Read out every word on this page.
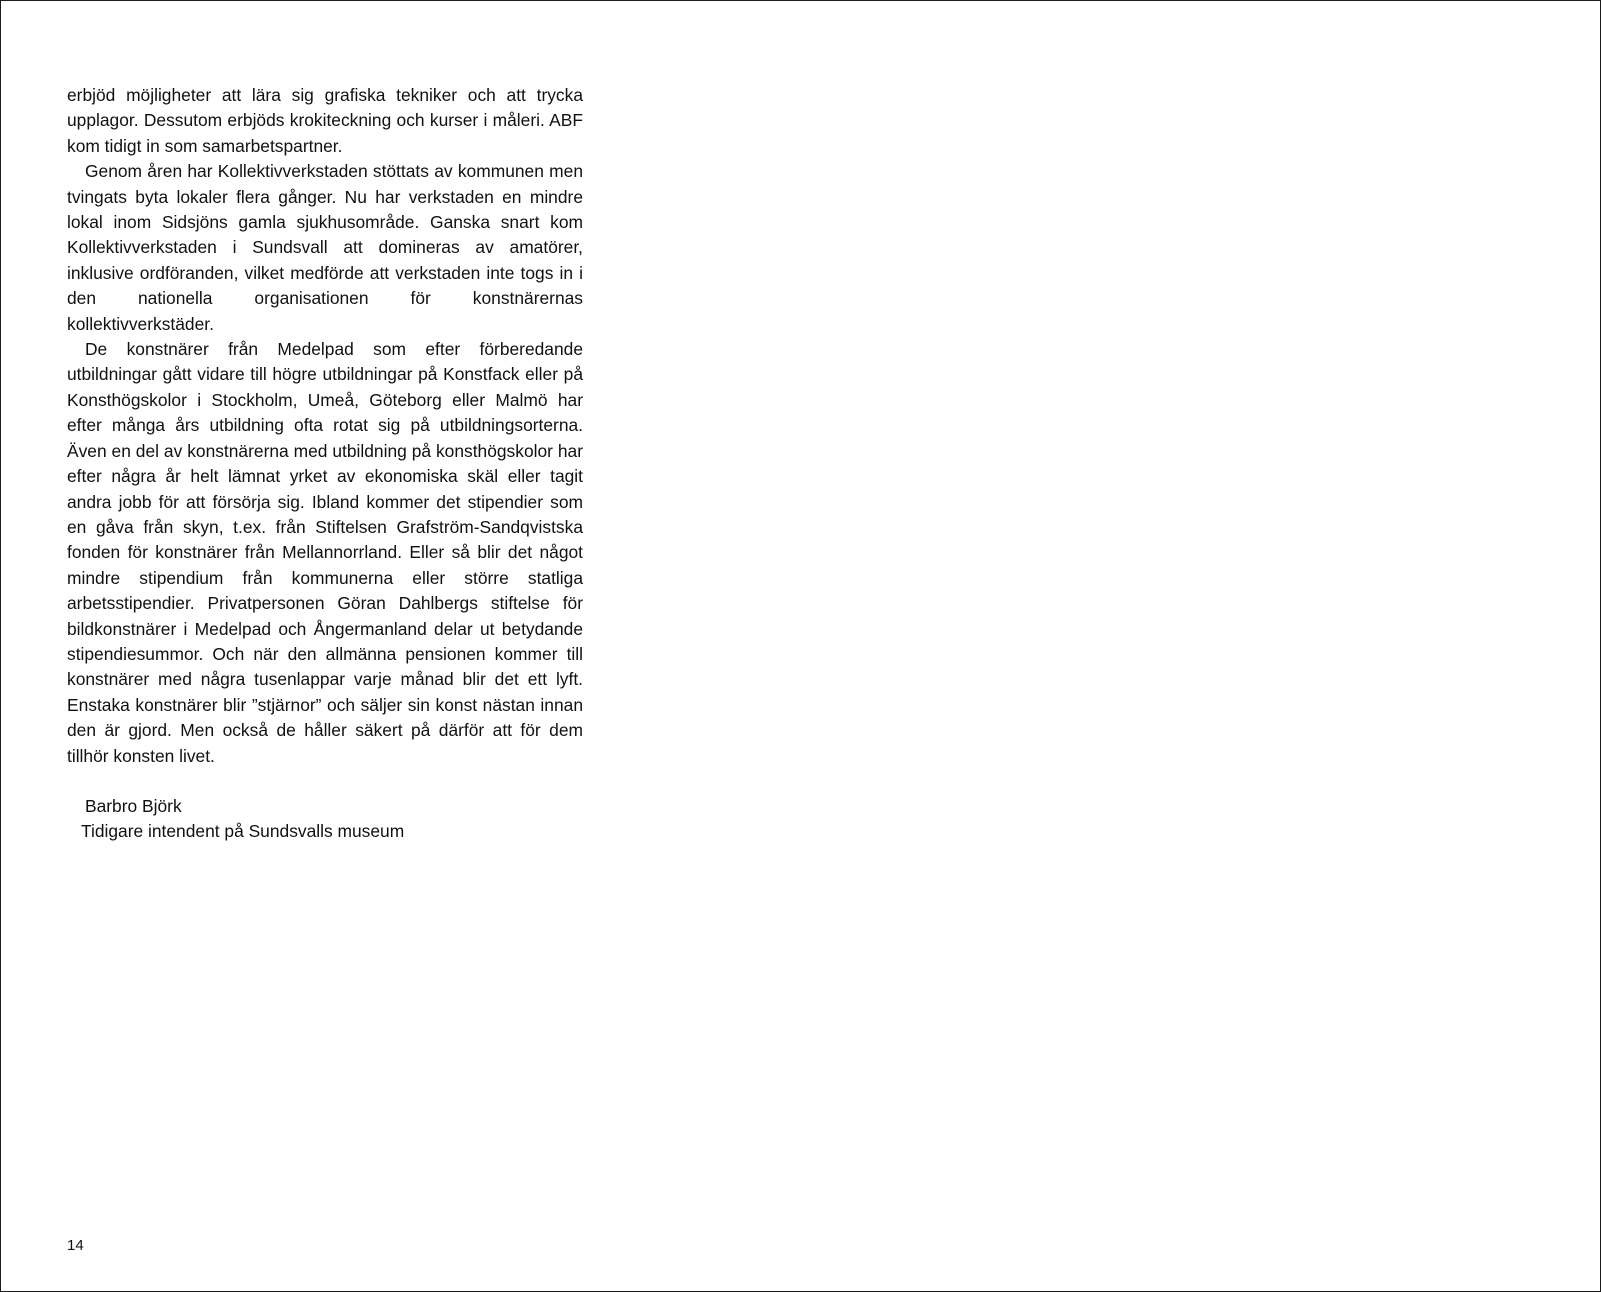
erbjöd möjligheter att lära sig grafiska tekniker och att trycka upplagor. Dessutom erbjöds krokiteckning och kurser i måleri. ABF kom tidigt in som samarbetspartner.

Genom åren har Kollektivverkstaden stöttats av kommunen men tvingats byta lokaler flera gånger. Nu har verkstaden en mindre lokal inom Sidsjöns gamla sjukhusområde. Ganska snart kom Kollektivverkstaden i Sundsvall att domineras av amatörer, inklusive ordföranden, vilket medförde att verkstaden inte togs in i den nationella organisationen för konstnärernas kollektivverkstäder.

De konstnärer från Medelpad som efter förberedande utbildningar gått vidare till högre utbildningar på Konstfack eller på Konsthögskolor i Stockholm, Umeå, Göteborg eller Malmö har efter många års utbildning ofta rotat sig på utbildningsorterna. Även en del av konstnärerna med utbildning på konsthögskolor har efter några år helt lämnat yrket av ekonomiska skäl eller tagit andra jobb för att försörja sig. Ibland kommer det stipendier som en gåva från skyn, t.ex. från Stiftelsen Grafström-Sandqvistska fonden för konstnärer från Mellannorrland. Eller så blir det något mindre stipendium från kommunerna eller större statliga arbetsstipendier. Privatpersonen Göran Dahlbergs stiftelse för bildkonstnärer i Medelpad och Ångermanland delar ut betydande stipendiesummor. Och när den allmänna pensionen kommer till konstnärer med några tusenlappar varje månad blir det ett lyft. Enstaka konstnärer blir ”stjärnor” och säljer sin konst nästan innan den är gjord. Men också de håller säkert på därför att för dem tillhör konsten livet.

Barbro Björk

Tidigare intendent på Sundsvalls museum

14
